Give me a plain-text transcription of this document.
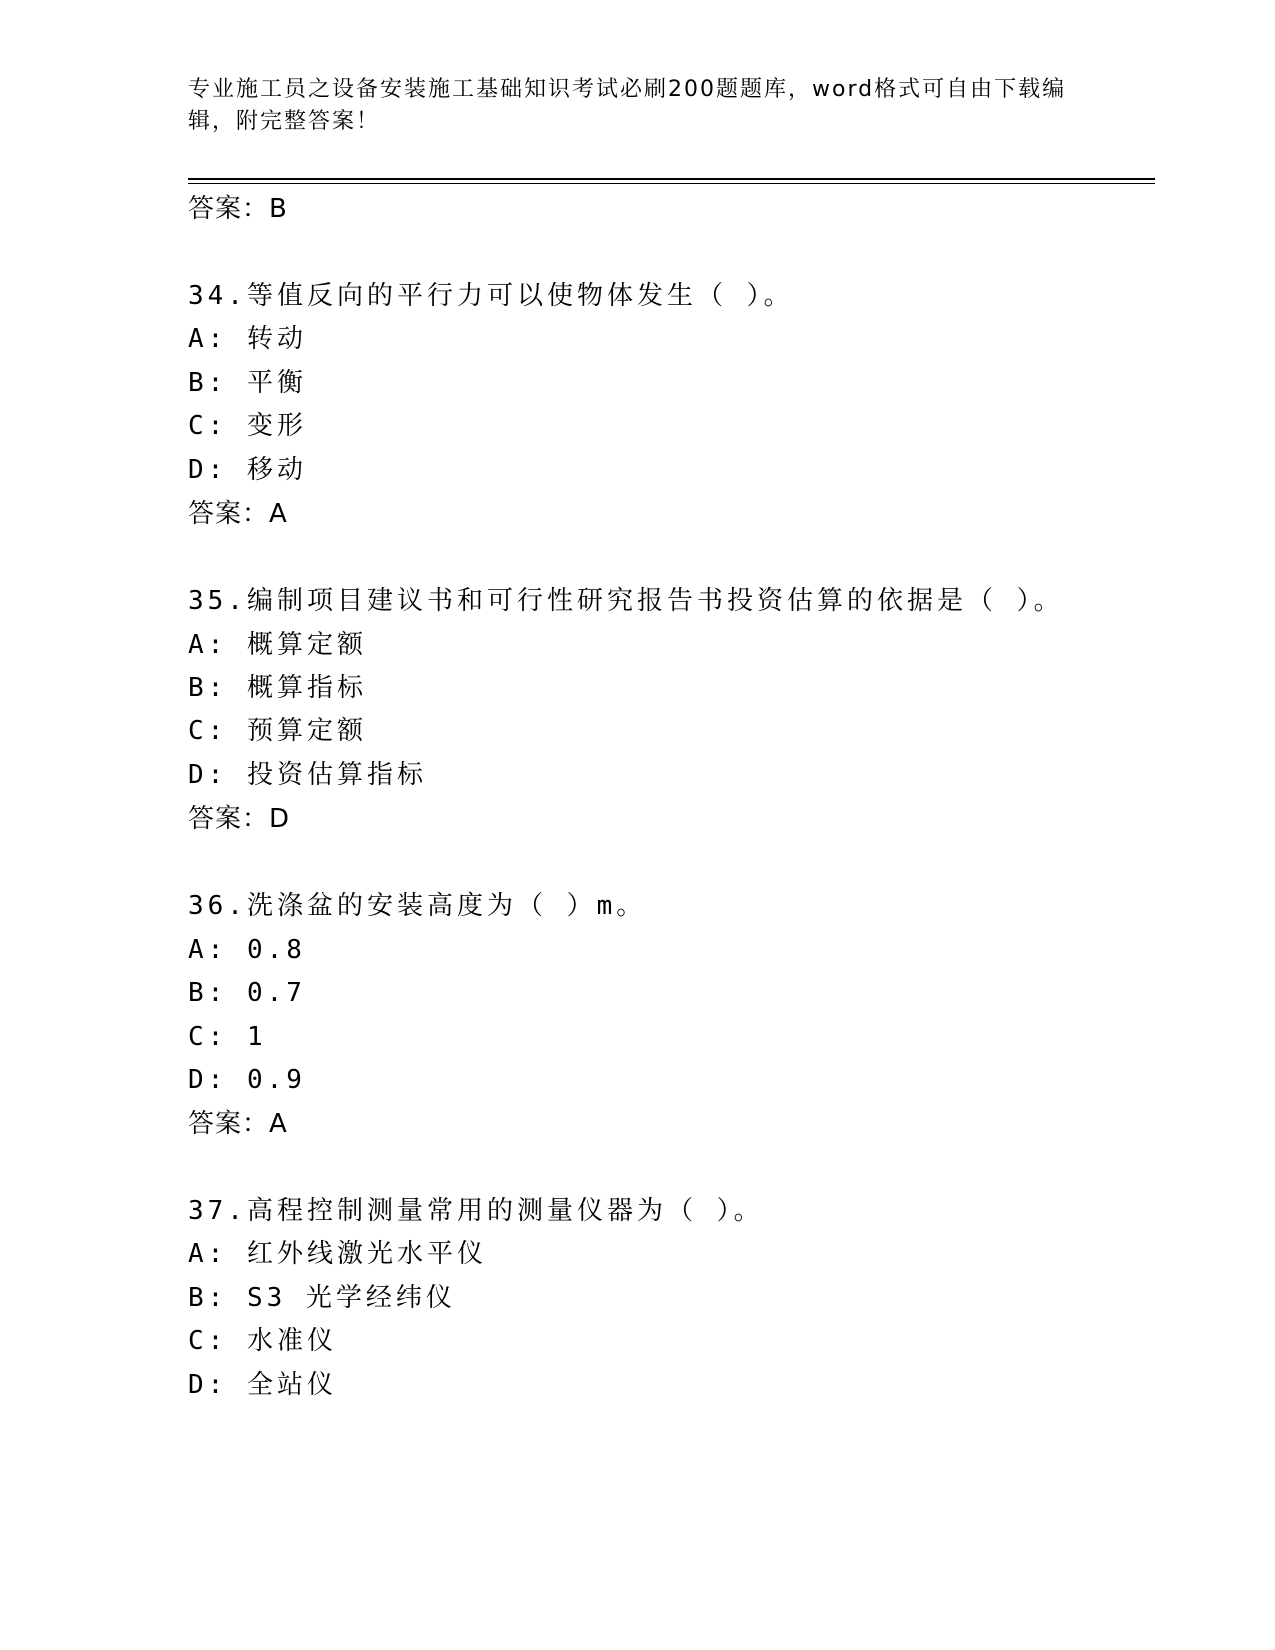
专业施工员之设备安装施工基础知识考试必刷200题题库，word格式可自由下载编辑，附完整答案！
答案：B
34.等值反向的平行力可以使物体发生（ ）。
A: 转动
B: 平衡
C: 变形
D: 移动
答案：A
35.编制项目建议书和可行性研究报告书投资估算的依据是（ ）。
A: 概算定额
B: 概算指标
C: 预算定额
D: 投资估算指标
答案：D
36.洗涤盆的安装高度为（ ）m。
A: 0.8
B: 0.7
C: 1
D: 0.9
答案：A
37.高程控制测量常用的测量仪器为（ ）。
A: 红外线激光水平仪
B: S3 光学经纬仪
C: 水准仪
D: 全站仪
